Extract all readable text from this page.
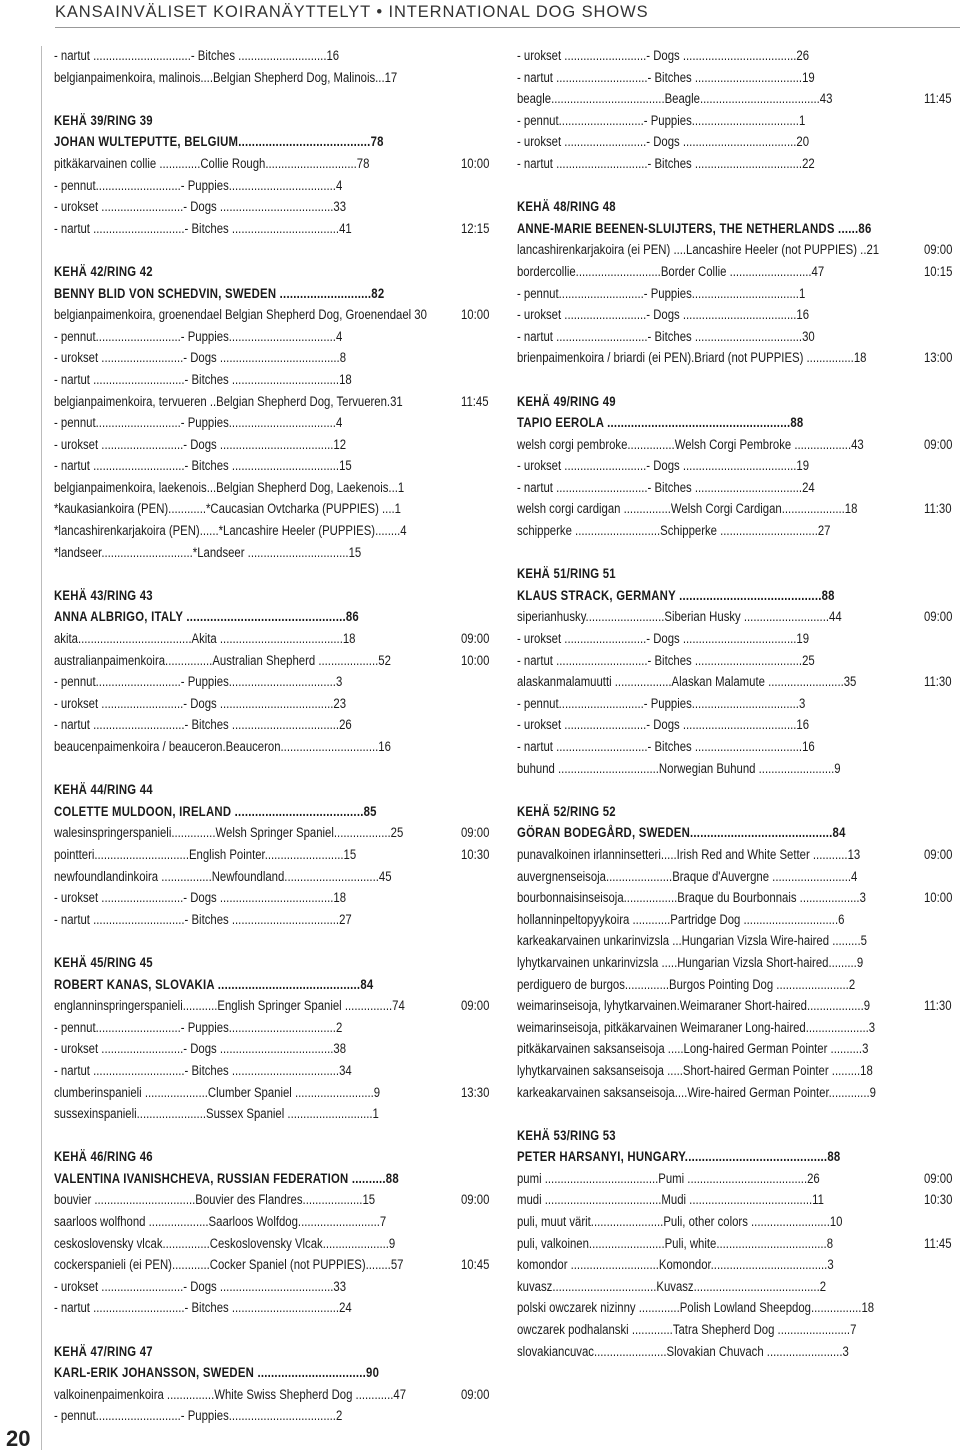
KANSAINVÄLISET KOIRANÄYTTELYT • INTERNATIONAL DOG SHOWS
- nartut ...............................- Bitches ............................16
belgianpaimenkoira, malinois....Belgian Shepherd Dog, Malinois...17
KEHÄ 39/RING 39
JOHAN WULTEPUTTE, BELGIUM.......................................78
pitkäkarvainen collie .............Collie Rough.............................78	10:00
- pennut...........................- Puppies..................................4
- urokset ..........................- Dogs ....................................33
- nartut .............................- Bitches ..................................41	12:15
KEHÄ 42/RING 42
BENNY BLID VON SCHEDVIN, SWEDEN ...........................82
belgianpaimenkoira, groenendael Belgian Shepherd Dog, Groenendael 30 10:00
- pennut...........................- Puppies..................................4
- urokset ..........................- Dogs ......................................8
- nartut .............................- Bitches ..................................18
belgianpaimenkoira, tervueren ..Belgian Shepherd Dog, Tervueren.31	11:45
- pennut...........................- Puppies..................................4
- urokset ..........................- Dogs ....................................12
- nartut .............................- Bitches ..................................15
belgianpaimenkoira, laekenois...Belgian Shepherd Dog, Laekenois...1
*kaukasiankoira (PEN)............*Caucasian Ovtcharka (PUPPIES) ....1
*lancashirenkarjakoira (PEN)......*Lancashire Heeler (PUPPIES)........4
*landseer.............................*Landseer ................................15
KEHÄ 43/RING 43
ANNA ALBRIGO, ITALY ...............................................86
akita....................................Akita .......................................18	09:00
australianpaimenkoira...............Australian Shepherd ...................52	10:00
- pennut...........................- Puppies..................................3
- urokset ..........................- Dogs ....................................23
- nartut .............................- Bitches ..................................26
beaucenpaimenkoira / beauceron.Beauceron...............................16
KEHÄ 44/RING 44
COLETTE MULDOON, IRELAND ......................................85
walesinspringerspanieli..............Welsh Springer Spaniel..................25	09:00
pointteri..............................English Pointer.........................15	10:30
newfoundlandinkoira ................Newfoundland..............................45
- urokset ..........................- Dogs ....................................18
- nartut .............................- Bitches ..................................27
KEHÄ 45/RING 45
ROBERT KANAS, SLOVAKIA ..........................................84
englanninspringerspanieli...........English Springer Spaniel ...............74	09:00
- pennut...........................- Puppies..................................2
- urokset ..........................- Dogs ....................................38
- nartut .............................- Bitches ..................................34
clumberinspanieli ....................Clumber Spaniel .........................9	13:30
sussexinspanieli......................Sussex Spaniel ...........................1
KEHÄ 46/RING 46
VALENTINA IVANISHCHEVA, RUSSIAN FEDERATION ..........88
bouvier ................................Bouvier des Flandres...................15	09:00
saarloos wolfhond ...................Saarloos Wolfdog..........................7
ceskoslovensky vlcak...............Ceskoslovensky Vlcak.....................9
cockerspanieli (ei PEN)............Cocker Spaniel (not PUPPIES)........57	10:45
- urokset ..........................- Dogs ....................................33
- nartut .............................- Bitches ..................................24
KEHÄ 47/RING 47
KARL-ERIK JOHANSSON, SWEDEN ................................90
valkoinenpaimenkoira ...............White Swiss Shepherd Dog ............47	09:00
- pennut...........................- Puppies..................................2
- urokset ..........................- Dogs ....................................26
- nartut .............................- Bitches ..................................19
beagle....................................Beagle......................................43	11:45
- pennut...........................- Puppies..................................1
- urokset ..........................- Dogs ....................................20
- nartut .............................- Bitches ..................................22
KEHÄ 48/RING 48
ANNE-MARIE BEENEN-SLUIJTERS, THE NETHERLANDS ......86
lancashirenkarjakoira (ei PEN) ....Lancashire Heeler (not PUPPIES) ..21	09:00
bordercollie...........................Border Collie ..........................47	10:15
- pennut...........................- Puppies..................................1
- urokset ..........................- Dogs ....................................16
- nartut .............................- Bitches ..................................30
brienpaimenkoira / briardi (ei PEN).Briard (not PUPPIES) ...............18	13:00
KEHÄ 49/RING 49
TAPIO EEROLA ......................................................88
welsh corgi pembroke...............Welsh Corgi Pembroke ..................43	09:00
- urokset ..........................- Dogs ....................................19
- nartut .............................- Bitches ..................................24
welsh corgi cardigan ...............Welsh Corgi Cardigan....................18	11:30
schipperke ...........................Schipperke ...............................27
KEHÄ 51/RING 51
KLAUS STRACK, GERMANY ..........................................88
siperianhusky.........................Siberian Husky ...........................44	09:00
- urokset ..........................- Dogs ....................................19
- nartut .............................- Bitches ..................................25
alaskanmalamuutti ..................Alaskan Malamute ........................35	11:30
- pennut...........................- Puppies..................................3
- urokset ..........................- Dogs ....................................16
- nartut .............................- Bitches ..................................16
buhund ................................Norwegian Buhund ........................9
KEHÄ 52/RING 52
GÖRAN BODEGÅRD, SWEDEN..........................................84
punavalkoinen irlanninsetteri.....Irish Red and White Setter ...........13	09:00
auvergnenseisoja.....................Braque d'Auvergne .........................4
bourbonnaisinseisoja.................Braque du Bourbonnais ...................3	10:00
hollanninpeltopyykoira ............Partridge Dog ..............................6
karkeakarvainen unkarinvizsla ...Hungarian Vizsla Wire-haired .........5
lyhytkarvainen unkarinvizsla .....Hungarian Vizsla Short-haired.........9
perdiguero de burgos..............Burgos Pointing Dog .......................2
weimarinseisoja, lyhytkarvainen.Weimaraner Short-haired..................9	11:30
weimarinseisoja, pitkäkarvainen Weimaraner Long-haired....................3
pitkäkarvainen saksanseisoja .....Long-haired German Pointer ..........3
lyhytkarvainen saksanseisoja .....Short-haired German Pointer .........18
karkeakarvainen saksanseisoja....Wire-haired German Pointer.............9
KEHÄ 53/RING 53
PETER HARSANYI, HUNGARY..........................................88
pumi ....................................Pumi ......................................26	09:00
mudi .....................................Mudi .......................................11	10:30
puli, muut värit.......................Puli, other colors .........................10
puli, valkoinen........................Puli, white...................................8	11:45
komondor ............................Komondor.....................................3
kuvasz.................................Kuvasz........................................2
polski owczarek nizinny .............Polish Lowland Sheepdog................18
owczarek podhalanski .............Tatra Shepherd Dog .......................7
slovakiancuvac.......................Slovakian Chuvach ........................3
20
